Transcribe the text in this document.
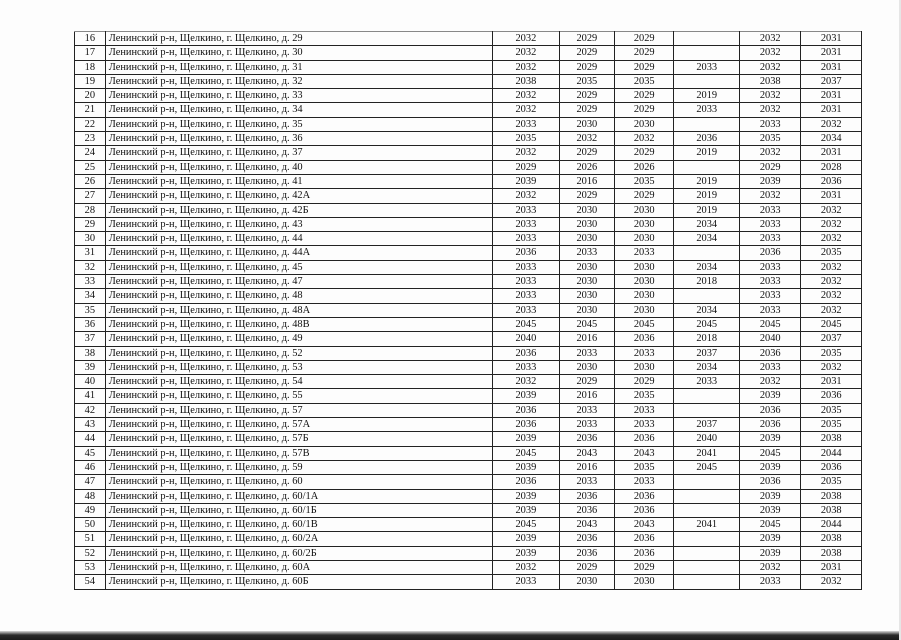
16	Ленинский р-н, Щелкино, г. Щелкино, д. 29	2032	2029	2029		2032	2031
17	Ленинский р-н, Щелкино, г. Щелкино, д. 30	2032	2029	2029		2032	2031
18	Ленинский р-н, Щелкино, г. Щелкино, д. 31	2032	2029	2029	2033	2032	2031
19	Ленинский р-н, Щелкино, г. Щелкино, д. 32	2038	2035	2035		2038	2037
20	Ленинский р-н, Щелкино, г. Щелкино, д. 33	2032	2029	2029	2019	2032	2031
21	Ленинский р-н, Щелкино, г. Щелкино, д. 34	2032	2029	2029	2033	2032	2031
22	Ленинский р-н, Щелкино, г. Щелкино, д. 35	2033	2030	2030		2033	2032
23	Ленинский р-н, Щелкино, г. Щелкино, д. 36	2035	2032	2032	2036	2035	2034
24	Ленинский р-н, Щелкино, г. Щелкино, д. 37	2032	2029	2029	2019	2032	2031
25	Ленинский р-н, Щелкино, г. Щелкино, д. 40	2029	2026	2026		2029	2028
26	Ленинский р-н, Щелкино, г. Щелкино, д. 41	2039	2016	2035	2019	2039	2036
27	Ленинский р-н, Щелкино, г. Щелкино, д. 42А	2032	2029	2029	2019	2032	2031
28	Ленинский р-н, Щелкино, г. Щелкино, д. 42Б	2033	2030	2030	2019	2033	2032
29	Ленинский р-н, Щелкино, г. Щелкино, д. 43	2033	2030	2030	2034	2033	2032
30	Ленинский р-н, Щелкино, г. Щелкино, д. 44	2033	2030	2030	2034	2033	2032
31	Ленинский р-н, Щелкино, г. Щелкино, д. 44А	2036	2033	2033		2036	2035
32	Ленинский р-н, Щелкино, г. Щелкино, д. 45	2033	2030	2030	2034	2033	2032
33	Ленинский р-н, Щелкино, г. Щелкино, д. 47	2033	2030	2030	2018	2033	2032
34	Ленинский р-н, Щелкино, г. Щелкино, д. 48	2033	2030	2030		2033	2032
35	Ленинский р-н, Щелкино, г. Щелкино, д. 48А	2033	2030	2030	2034	2033	2032
36	Ленинский р-н, Щелкино, г. Щелкино, д. 48В	2045	2045	2045	2045	2045	2045
37	Ленинский р-н, Щелкино, г. Щелкино, д. 49	2040	2016	2036	2018	2040	2037
38	Ленинский р-н, Щелкино, г. Щелкино, д. 52	2036	2033	2033	2037	2036	2035
39	Ленинский р-н, Щелкино, г. Щелкино, д. 53	2033	2030	2030	2034	2033	2032
40	Ленинский р-н, Щелкино, г. Щелкино, д. 54	2032	2029	2029	2033	2032	2031
41	Ленинский р-н, Щелкино, г. Щелкино, д. 55	2039	2016	2035		2039	2036
42	Ленинский р-н, Щелкино, г. Щелкино, д. 57	2036	2033	2033		2036	2035
43	Ленинский р-н, Щелкино, г. Щелкино, д. 57А	2036	2033	2033	2037	2036	2035
44	Ленинский р-н, Щелкино, г. Щелкино, д. 57Б	2039	2036	2036	2040	2039	2038
45	Ленинский р-н, Щелкино, г. Щелкино, д. 57В	2045	2043	2043	2041	2045	2044
46	Ленинский р-н, Щелкино, г. Щелкино, д. 59	2039	2016	2035	2045	2039	2036
47	Ленинский р-н, Щелкино, г. Щелкино, д. 60	2036	2033	2033		2036	2035
48	Ленинский р-н, Щелкино, г. Щелкино, д. 60/1А	2039	2036	2036		2039	2038
49	Ленинский р-н, Щелкино, г. Щелкино, д. 60/1Б	2039	2036	2036		2039	2038
50	Ленинский р-н, Щелкино, г. Щелкино, д. 60/1В	2045	2043	2043	2041	2045	2044
51	Ленинский р-н, Щелкино, г. Щелкино, д. 60/2А	2039	2036	2036		2039	2038
52	Ленинский р-н, Щелкино, г. Щелкино, д. 60/2Б	2039	2036	2036		2039	2038
53	Ленинский р-н, Щелкино, г. Щелкино, д. 60А	2032	2029	2029		2032	2031
54	Ленинский р-н, Щелкино, г. Щелкино, д. 60Б	2033	2030	2030		2033	2032
